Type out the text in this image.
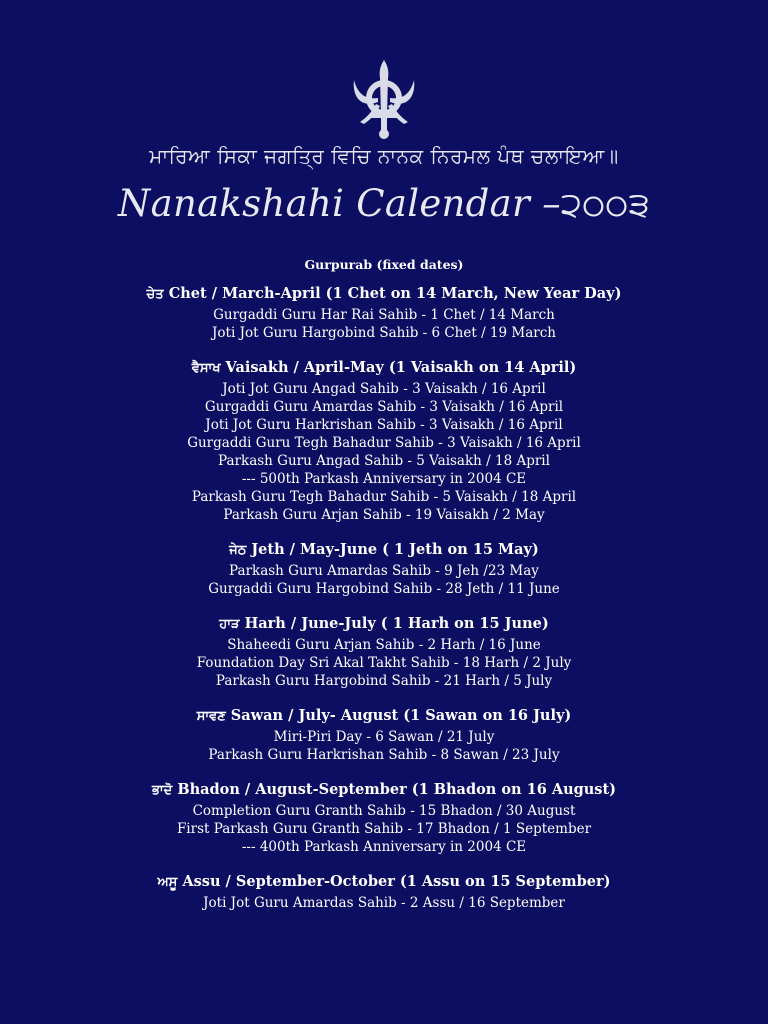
ਮਾਰਿਆ ਸਿਕਾ ਜਗਤ੍ਰਿ ਵਿਚਿ ਨਾਨਕ ਨਿਰਮਲ ਪੰਥ ਚਲਾਇਆ॥
Nanakshahi Calendar –੨੦੦੩
Gurpurab (fixed dates)
ਚੇਤ Chet / March-April (1 Chet on 14 March, New Year Day)
Gurgaddi Guru Har Rai Sahib - 1 Chet / 14 March
Joti Jot Guru Hargobind Sahib - 6 Chet / 19 March
ਵੈਸਾਖ Vaisakh / April-May (1 Vaisakh on 14 April)
Joti Jot Guru Angad Sahib - 3 Vaisakh / 16 April
Gurgaddi Guru Amardas Sahib - 3 Vaisakh / 16 April
Joti Jot Guru Harkrishan Sahib - 3 Vaisakh / 16 April
Gurgaddi Guru Tegh Bahadur Sahib - 3 Vaisakh / 16 April
Parkash Guru Angad Sahib - 5 Vaisakh / 18 April
--- 500th Parkash Anniversary in 2004 CE
Parkash Guru Tegh Bahadur Sahib - 5 Vaisakh / 18 April
Parkash Guru Arjan Sahib - 19 Vaisakh / 2 May
ਜੇਠ Jeth / May-June ( 1 Jeth on 15 May)
Parkash Guru Amardas Sahib - 9 Jeh /23 May
Gurgaddi Guru Hargobind Sahib - 28 Jeth / 11 June
ਹਾੜ Harh / June-July ( 1 Harh on 15 June)
Shaheedi Guru Arjan Sahib - 2 Harh / 16 June
Foundation Day Sri Akal Takht Sahib - 18 Harh / 2 July
Parkash Guru Hargobind Sahib - 21 Harh / 5 July
ਸਾਵਣ Sawan / July- August (1 Sawan on 16 July)
Miri-Piri Day - 6 Sawan / 21 July
Parkash Guru Harkrishan Sahib - 8 Sawan / 23 July
ਭਾਦੋ Bhadon / August-September (1 Bhadon on 16 August)
Completion Guru Granth Sahib - 15 Bhadon / 30 August
First Parkash Guru Granth Sahib - 17 Bhadon / 1 September
--- 400th Parkash Anniversary in 2004 CE
ਅਸੂ Assu / September-October (1 Assu on 15 September)
Joti Jot Guru Amardas Sahib - 2 Assu / 16 September
